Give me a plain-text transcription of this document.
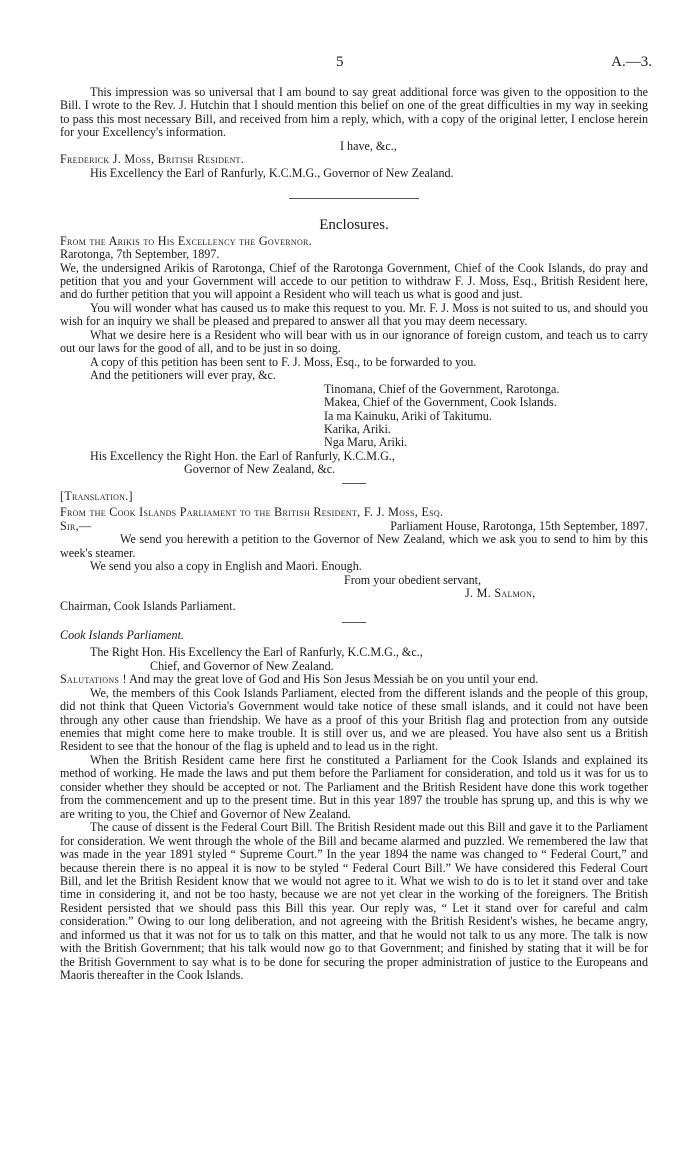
5	A.—3.

This impression was so universal that I am bound to say great additional force was given to the opposition to the Bill. I wrote to the Rev. J. Hutchin that I should mention this belief on one of the great difficulties in my way in seeking to pass this most necessary Bill, and received from him a reply, which, with a copy of the original letter, I enclose herein for your Excellency's information.

I have, &c.,

Frederick J. Moss, British Resident.

His Excellency the Earl of Ranfurly, K.C.M.G., Governor of New Zealand.

Enclosures.

From the Arikis to His Excellency the Governor.

Rarotonga, 7th September, 1897.

We, the undersigned Arikis of Rarotonga, Chief of the Rarotonga Government, Chief of the Cook Islands, do pray and petition that you and your Government will accede to our petition to withdraw F. J. Moss, Esq., British Resident here, and do further petition that you will appoint a Resident who will teach us what is good and just.

You will wonder what has caused us to make this request to you. Mr. F. J. Moss is not suited to us, and should you wish for an inquiry we shall be pleased and prepared to answer all that you may deem necessary.

What we desire here is a Resident who will bear with us in our ignorance of foreign custom, and teach us to carry out our laws for the good of all, and to be just in so doing.

A copy of this petition has been sent to F. J. Moss, Esq., to be forwarded to you.

And the petitioners will ever pray, &c.

Tinomana, Chief of the Government, Rarotonga.

Makea, Chief of the Government, Cook Islands.

Ia ma Kainuku, Ariki of Takitumu.

Karika, Ariki.

Nga Maru, Ariki.

His Excellency the Right Hon. the Earl of Ranfurly, K.C.M.G.,

Governor of New Zealand, &c.

[Translation.]

From the Cook Islands Parliament to the British Resident, F. J. Moss, Esq.

Sir,—	Parliament House, Rarotonga, 15th September, 1897.

We send you herewith a petition to the Governor of New Zealand, which we ask you to send to him by this week's steamer.

We send you also a copy in English and Maori. Enough.

From your obedient servant,

J. M. Salmon,

Chairman, Cook Islands Parliament.

Cook Islands Parliament.

The Right Hon. His Excellency the Earl of Ranfurly, K.C.M.G., &c.,

Chief, and Governor of New Zealand.

Salutations ! And may the great love of God and His Son Jesus Messiah be on you until your end.

We, the members of this Cook Islands Parliament, elected from the different islands and the people of this group, did not think that Queen Victoria's Government would take notice of these small islands, and it could not have been through any other cause than friendship. We have as a proof of this your British flag and protection from any outside enemies that might come here to make trouble. It is still over us, and we are pleased. You have also sent us a British Resident to see that the honour of the flag is upheld and to lead us in the right.

When the British Resident came here first he constituted a Parliament for the Cook Islands and explained its method of working. He made the laws and put them before the Parliament for consideration, and told us it was for us to consider whether they should be accepted or not. The Parliament and the British Resident have done this work together from the commencement and up to the present time. But in this year 1897 the trouble has sprung up, and this is why we are writing to you, the Chief and Governor of New Zealand.

The cause of dissent is the Federal Court Bill. The British Resident made out this Bill and gave it to the Parliament for consideration. We went through the whole of the Bill and became alarmed and puzzled. We remembered the law that was made in the year 1891 styled “ Supreme Court.” In the year 1894 the name was changed to “ Federal Court,” and because therein there is no appeal it is now to be styled “ Federal Court Bill.” We have considered this Federal Court Bill, and let the British Resident know that we would not agree to it. What we wish to do is to let it stand over and take time in considering it, and not be too hasty, because we are not yet clear in the working of the foreigners. The British Resident persisted that we should pass this Bill this year. Our reply was, “ Let it stand over for careful and calm consideration.” Owing to our long deliberation, and not agreeing with the British Resident's wishes, he became angry, and informed us that it was not for us to talk on this matter, and that he would not talk to us any more. The talk is now with the British Government; that his talk would now go to that Government; and finished by stating that it will be for the British Government to say what is to be done for securing the proper administration of justice to the Europeans and Maoris thereafter in the Cook Islands.
